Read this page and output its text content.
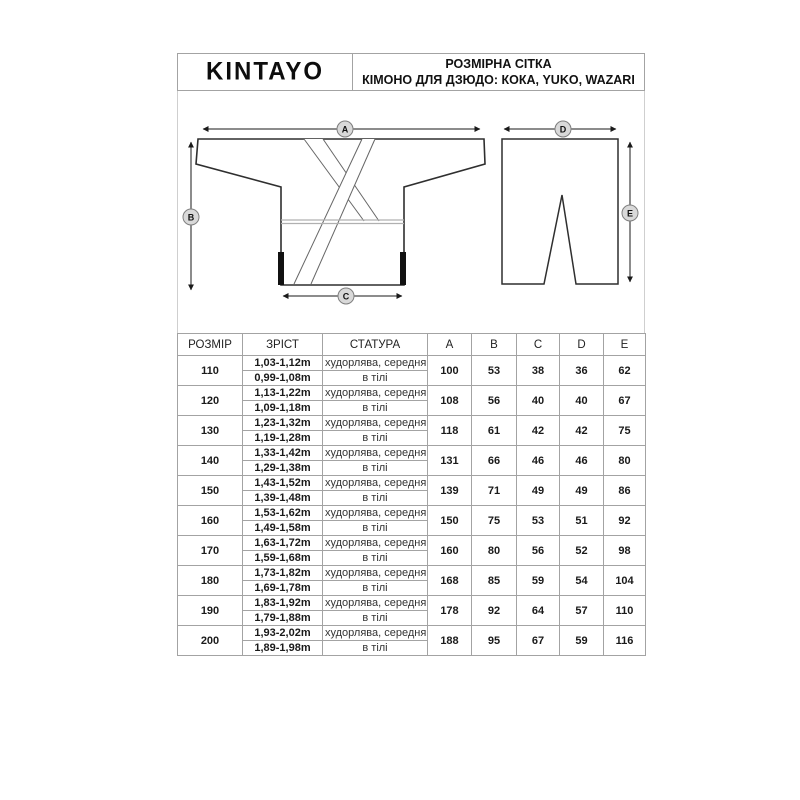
KINTAYO	РОЗМІРНА СІТКА
КІМОНО ДЛЯ ДЗЮДО: КОКА, YUKO, WAZARI
A
B
C
D
E
РОЗМІР	ЗРІСТ	СТАТУРА	A	B	C	D	E
110	1,03-1,12m	худорлява, середня	100	53	38	36	62
	0,99-1,08m	в тілі					
120	1,13-1,22m	худорлява, середня	108	56	40	40	67
	1,09-1,18m	в тілі					
130	1,23-1,32m	худорлява, середня	118	61	42	42	75
	1,19-1,28m	в тілі					
140	1,33-1,42m	худорлява, середня	131	66	46	46	80
	1,29-1,38m	в тілі					
150	1,43-1,52m	худорлява, середня	139	71	49	49	86
	1,39-1,48m	в тілі					
160	1,53-1,62m	худорлява, середня	150	75	53	51	92
	1,49-1,58m	в тілі					
170	1,63-1,72m	худорлява, середня	160	80	56	52	98
	1,59-1,68m	в тілі					
180	1,73-1,82m	худорлява, середня	168	85	59	54	104
	1,69-1,78m	в тілі					
190	1,83-1,92m	худорлява, середня	178	92	64	57	110
	1,79-1,88m	в тілі					
200	1,93-2,02m	худорлява, середня	188	95	67	59	116
	1,89-1,98m	в тілі					
